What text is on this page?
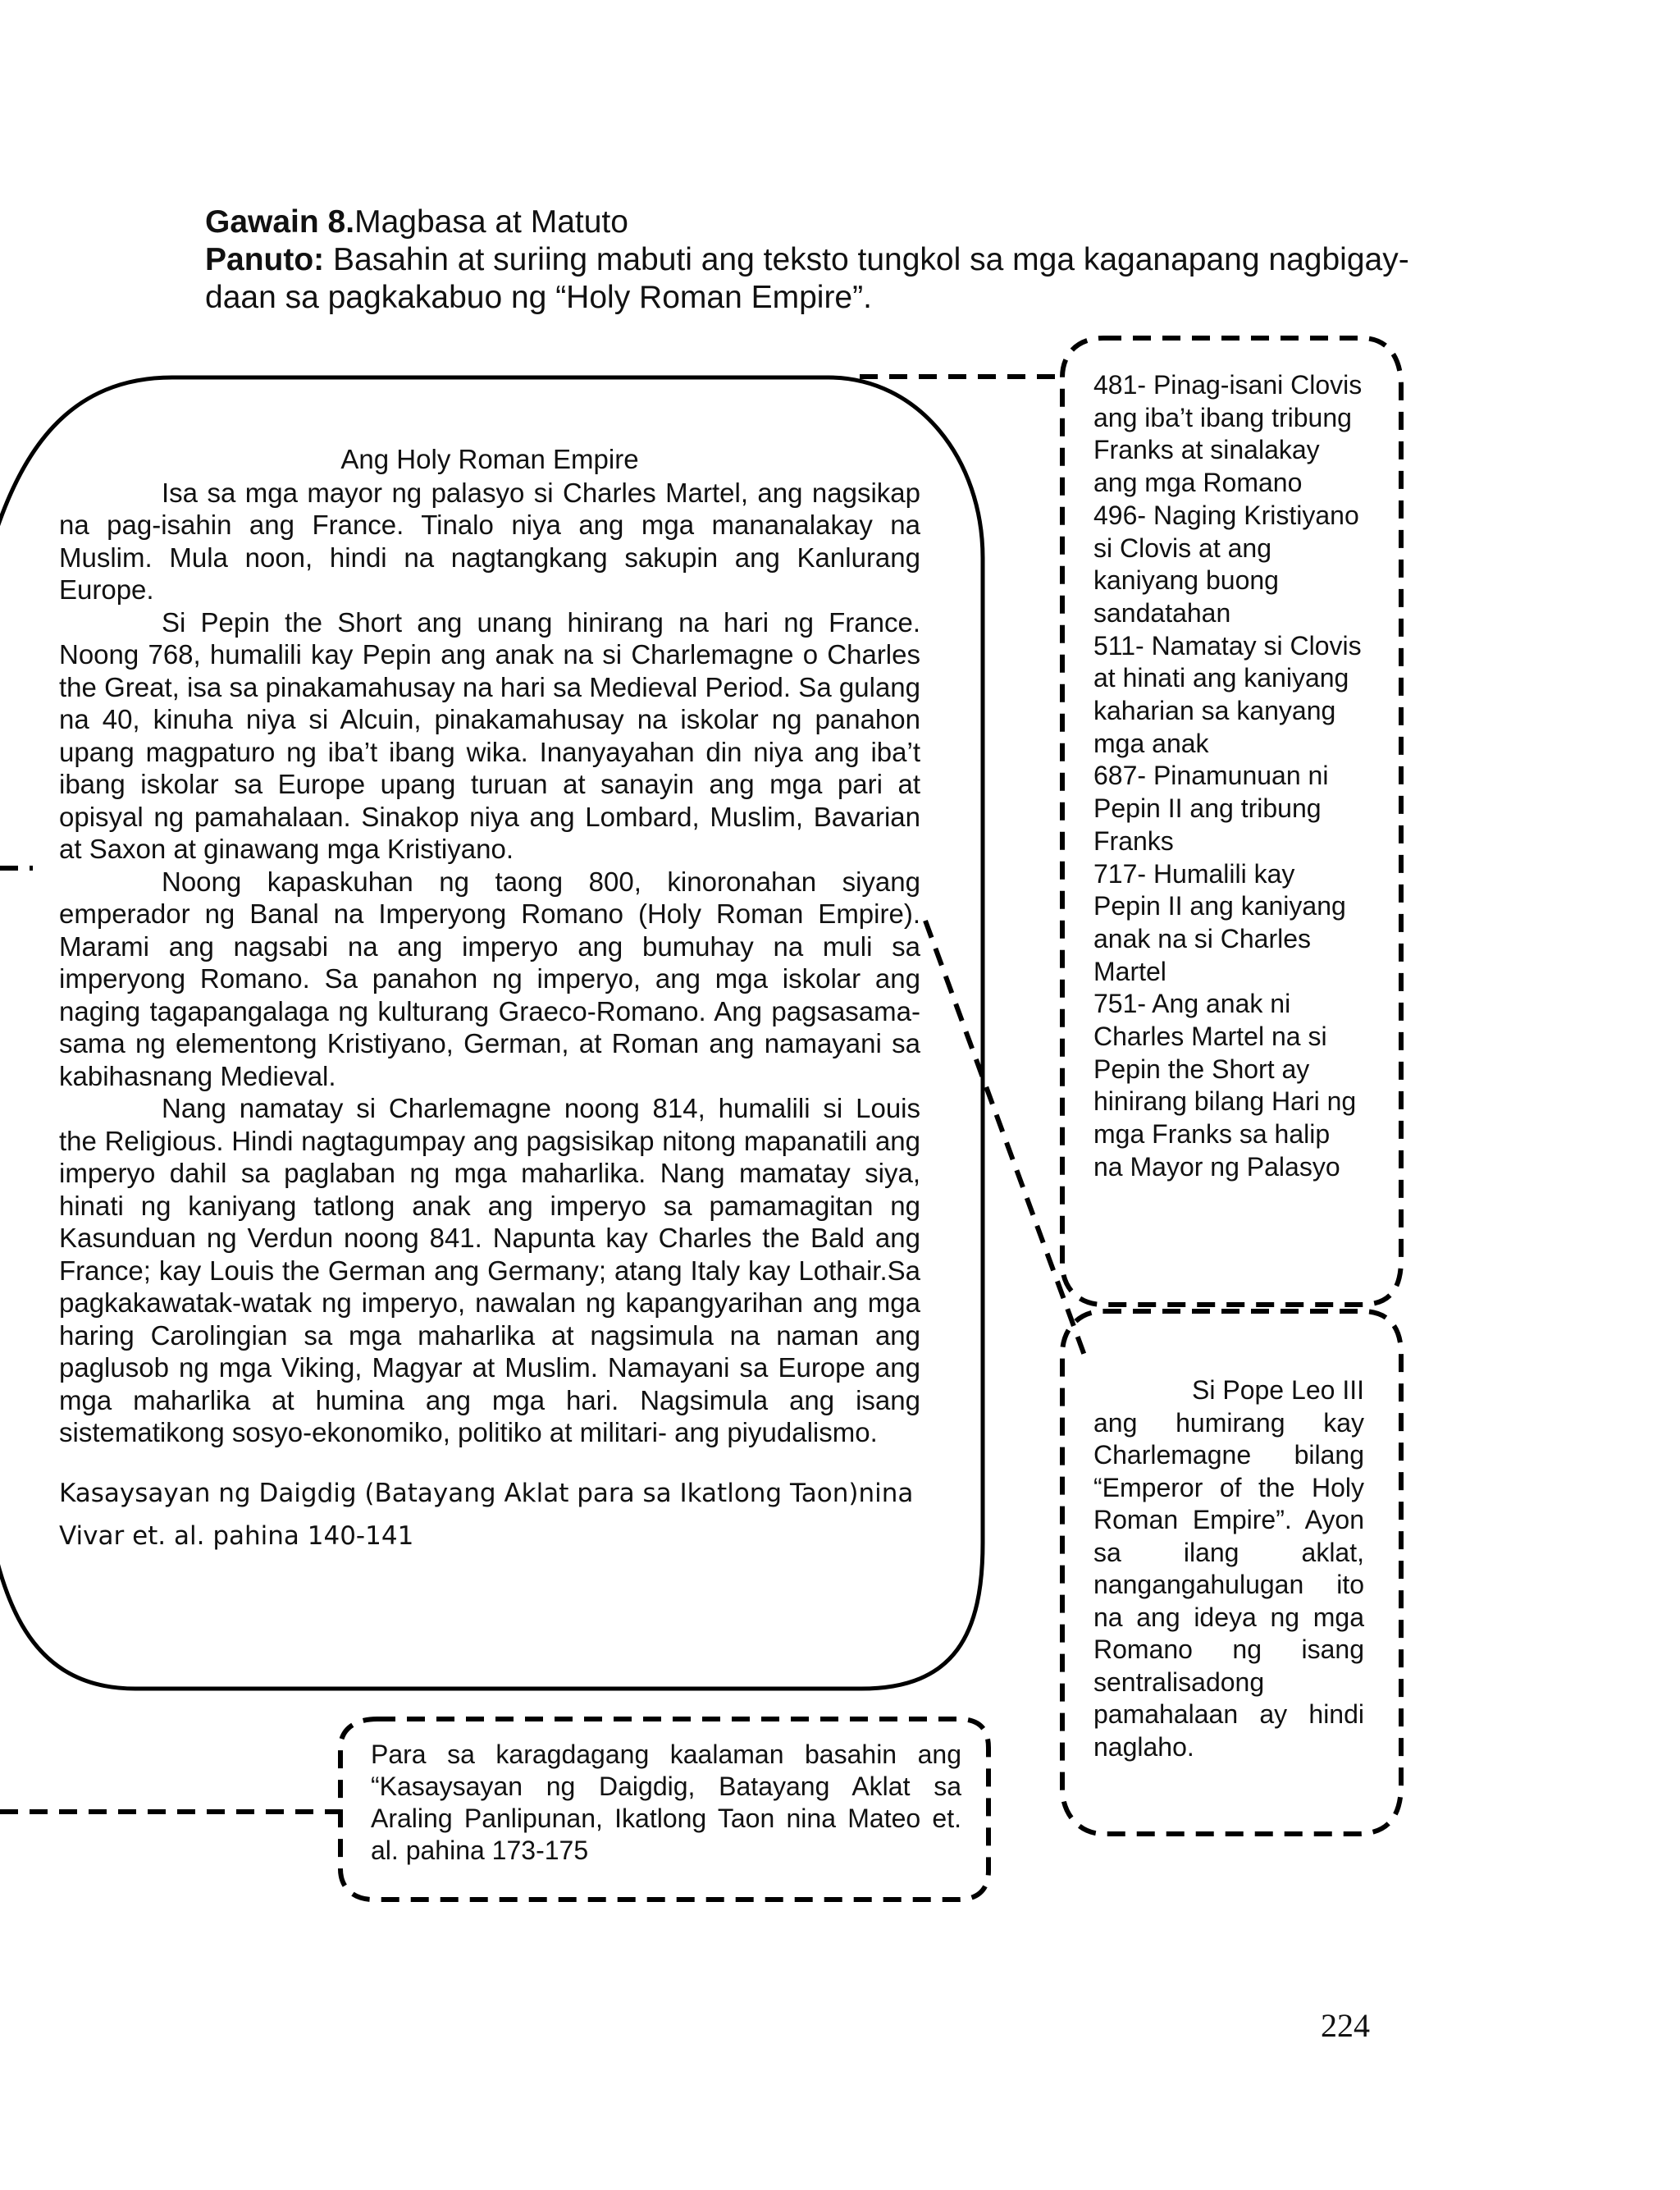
Gawain 8.Magbasa at Matuto
Panuto: Basahin at suriing mabuti ang teksto tungkol sa mga kaganapang nagbigay- daan sa pagkakabuo ng “Holy Roman Empire”.
Ang Holy Roman Empire

Isa sa mga mayor ng palasyo si Charles Martel, ang nagsikap na pag-isahin ang France. Tinalo niya ang mga mananalakay na Muslim. Mula noon, hindi na nagtangkang sakupin ang Kanlurang Europe.

Si Pepin the Short ang unang hinirang na hari ng France. Noong 768, humalili kay Pepin ang anak na si Charlemagne o Charles the Great, isa sa pinakamahusay na hari sa Medieval Period. Sa gulang na 40, kinuha niya si Alcuin, pinakamahusay na iskolar ng panahon upang magpaturo ng iba’t ibang wika. Inanyayahan din niya ang iba’t ibang iskolar sa Europe upang turuan at sanayin ang mga pari at opisyal ng pamahalaan. Sinakop niya ang Lombard, Muslim, Bavarian at Saxon at ginawang mga Kristiyano.

Noong kapaskuhan ng taong 800, kinoronahan siyang emperador ng Banal na Imperyong Romano (Holy Roman Empire). Marami ang nagsabi na ang imperyo ang bumuhay na muli sa imperyong Romano. Sa panahon ng imperyo, ang mga iskolar ang naging tagapangalaga ng kulturang Graeco-Romano. Ang pagsasama-sama ng elementong Kristiyano, German, at Roman ang namayani sa kabihasnang Medieval.

Nang namatay si Charlemagne noong 814, humalili si Louis the Religious. Hindi nagtagumpay ang pagsisikap nitong mapanatili ang imperyo dahil sa paglaban ng mga maharlika. Nang mamatay siya, hinati ng kaniyang tatlong anak ang imperyo sa pamamagitan ng Kasunduan ng Verdun noong 841. Napunta kay Charles the Bald ang France; kay Louis the German ang Germany; atang Italy kay Lothair.Sa pagkakawatak-watak ng imperyo, nawalan ng kapangyarihan ang mga haring Carolingian sa mga maharlika at nagsimula na naman ang paglusob ng mga Viking, Magyar at Muslim. Namayani sa Europe ang mga maharlika at humina ang mga hari. Nagsimula ang isang sistematikong sosyo-ekonomiko, politiko at militari- ang piyudalismo.

Kasaysayan ng Daigdig (Batayang Aklat para sa Ikatlong Taon)nina Vivar et. al. pahina 140-141
Para sa karagdagang kaalaman basahin ang “Kasaysayan ng Daigdig, Batayang Aklat sa Araling Panlipunan, Ikatlong Taon nina Mateo et. al. pahina 173-175
481- Pinag-isani Clovis ang iba’t ibang tribung Franks at sinalakay ang mga Romano
496- Naging Kristiyano si Clovis at ang kaniyang buong sandatahan
511- Namatay si Clovis at hinati ang kaniyang kaharian sa kanyang mga anak
687- Pinamunuan ni Pepin II ang tribung Franks
717- Humalili kay Pepin II ang kaniyang anak na si Charles Martel
751- Ang anak ni Charles Martel na si Pepin the Short ay hinirang bilang Hari ng mga Franks sa halip na Mayor ng Palasyo
Si Pope Leo III ang humirang kay Charlemagne bilang “Emperor of the Holy Roman Empire”. Ayon sa ilang aklat, nangangahulugan ito na ang ideya ng mga Romano ng isang sentralisadong pamahalaan ay hindi naglaho.
224
